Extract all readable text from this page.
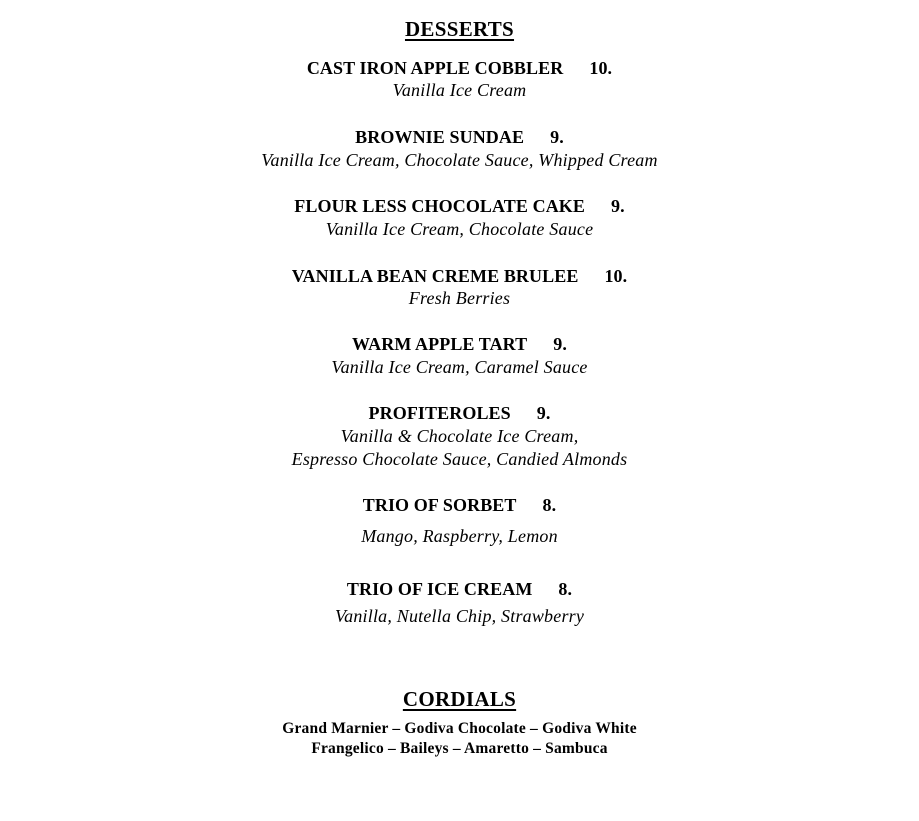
DESSERTS
CAST IRON APPLE COBBLER 10.
Vanilla Ice Cream
BROWNIE SUNDAE 9.
Vanilla Ice Cream, Chocolate Sauce, Whipped Cream
FLOUR LESS CHOCOLATE CAKE 9.
Vanilla Ice Cream, Chocolate Sauce
VANILLA BEAN CREME BRULEE 10.
Fresh Berries
WARM APPLE TART 9.
Vanilla Ice Cream, Caramel Sauce
PROFITEROLES 9.
Vanilla & Chocolate Ice Cream,
Espresso Chocolate Sauce, Candied Almonds
TRIO OF SORBET 8.
Mango, Raspberry, Lemon
TRIO OF ICE CREAM 8.
Vanilla, Nutella Chip, Strawberry
CORDIALS
Grand Marnier – Godiva Chocolate – Godiva White
Frangelico – Baileys – Amaretto – Sambuca
